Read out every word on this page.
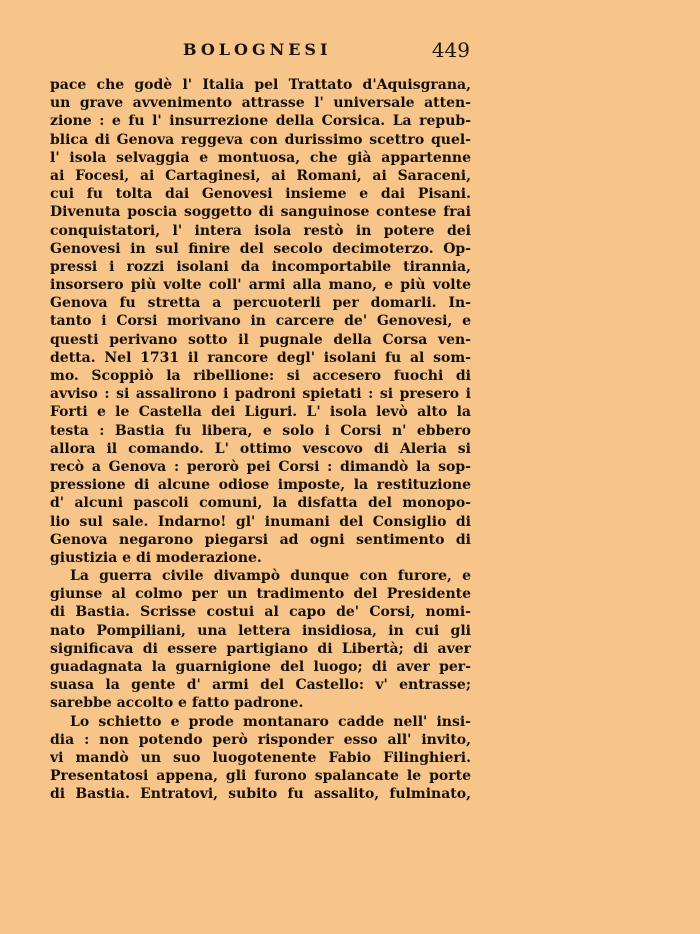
BOLOGNESI	449
pace che godè l' Italia pel Trattato d'Aquisgrana,
un grave avvenimento attrasse l' universale atten-
zione : e fu l' insurrezione della Corsica. La repub-
blica di Genova reggeva con durissimo scettro quel-
l' isola selvaggia e montuosa, che già appartenne
ai Focesi, ai Cartaginesi, ai Romani, ai Saraceni,
cui fu tolta dai Genovesi insieme e dai Pisani.
Divenuta poscia soggetto di sanguinose contese frai
conquistatori, l' intera isola restò in potere dei
Genovesi in sul finire del secolo decimoterzo. Op-
pressi i rozzi isolani da incomportabile tirannia,
insorsero più volte coll' armi alla mano, e più volte
Genova fu stretta a percuoterli per domarli. In-
tanto i Corsi morivano in carcere de' Genovesi, e
questi perivano sotto il pugnale della Corsa ven-
detta. Nel 1731 il rancore degl' isolani fu al som-
mo. Scoppiò la ribellione: si accesero fuochi di
avviso : si assalirono i padroni spietati : si presero i
Forti e le Castella dei Liguri. L' isola levò alto la
testa : Bastia fu libera, e solo i Corsi n' ebbero
allora il comando. L' ottimo vescovo di Aleria si
recò a Genova : perorò pei Corsi : dimandò la sop-
pressione di alcune odiose imposte, la restituzione
d' alcuni pascoli comuni, la disfatta del monopo-
lio sul sale. Indarno! gl' inumani del Consiglio di
Genova negarono piegarsi ad ogni sentimento di
giustizia e di moderazione.
La guerra civile divampò dunque con furore, e
giunse al colmo per un tradimento del Presidente
di Bastia. Scrisse costui al capo de' Corsi, nomi-
nato Pompiliani, una lettera insidiosa, in cui gli
significava di essere partigiano di Libertà; di aver
guadagnata la guarnigione del luogo; di aver per-
suasa la gente d' armi del Castello: v' entrasse;
sarebbe accolto e fatto padrone.
Lo schietto e prode montanaro cadde nell' insi-
dia : non potendo però risponder esso all' invito,
vi mandò un suo luogotenente Fabio Filinghieri.
Presentatosi appena, gli furono spalancate le porte
di Bastia. Entratovi, subito fu assalito, fulminato,
